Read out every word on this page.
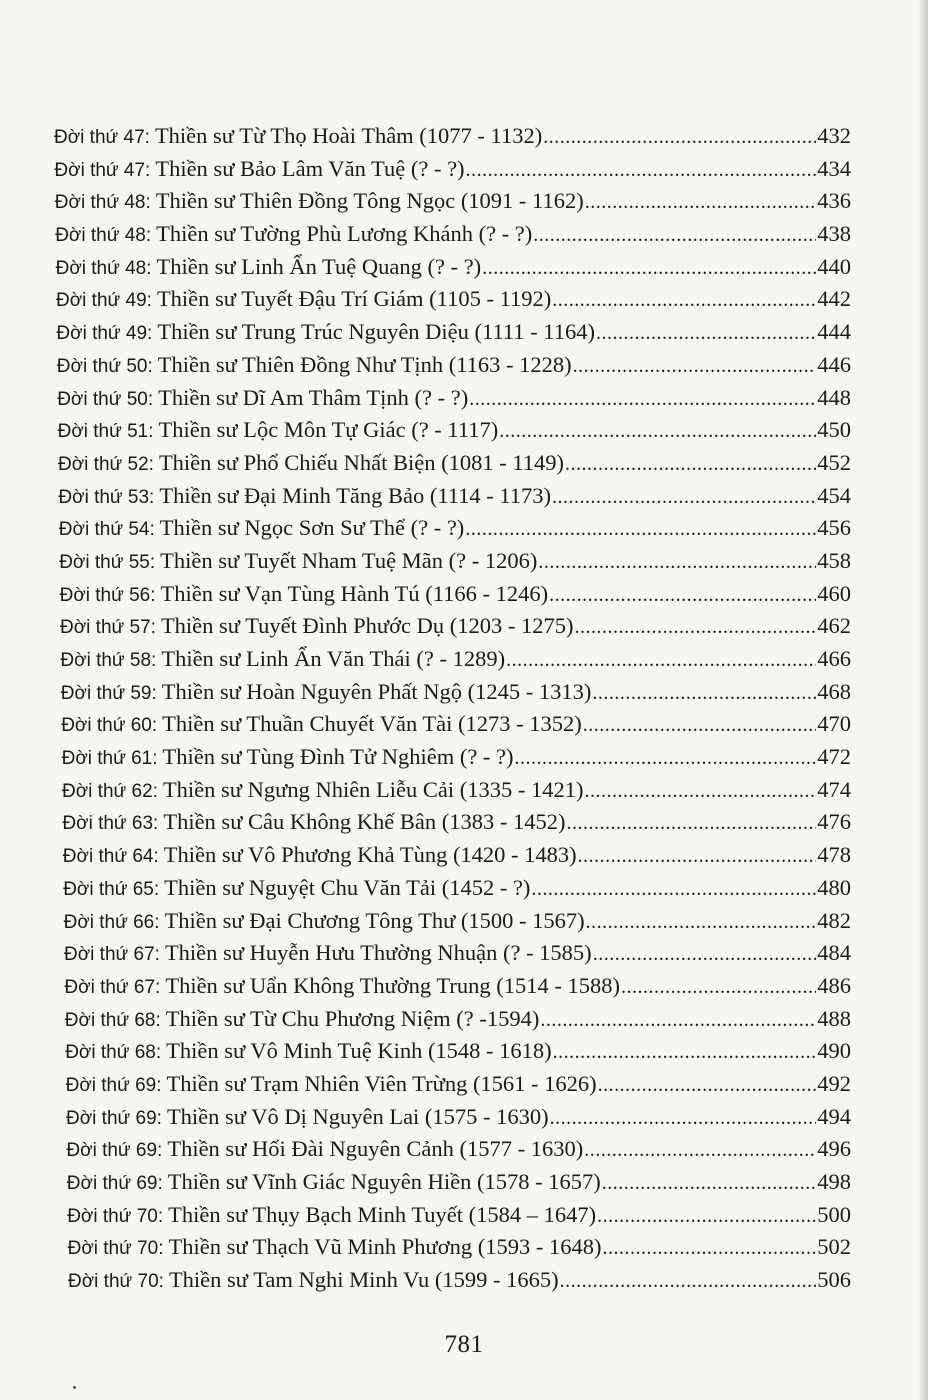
Đời thứ 47: Thiền sư Từ Thọ Hoài Thâm (1077 - 1132) .....	432
Đời thứ 47: Thiền sư Bảo Lâm Văn Tuệ (? - ?) .....	434
Đời thứ 48: Thiền sư Thiên Đồng Tông Ngọc (1091 - 1162) .....	436
Đời thứ 48: Thiền sư Tường Phù Lương Khánh (? - ?) .....	438
Đời thứ 48: Thiền sư Linh Ẩn Tuệ Quang (? - ?) .....	440
Đời thứ 49: Thiền sư Tuyết Đậu Trí Giám (1105 - 1192) .....	442
Đời thứ 49: Thiền sư Trung Trúc Nguyên Diệu (1111 - 1164) .....	444
Đời thứ 50: Thiền sư Thiên Đồng Như Tịnh (1163 - 1228) .....	446
Đời thứ 50: Thiền sư Dĩ Am Thâm Tịnh (? - ?) .....	448
Đời thứ 51: Thiền sư Lộc Môn Tự Giác (? - 1117) .....	450
Đời thứ 52: Thiền sư Phổ Chiếu Nhất Biện (1081 - 1149) .....	452
Đời thứ 53: Thiền sư Đại Minh Tăng Bảo (1114 - 1173) .....	454
Đời thứ 54: Thiền sư Ngọc Sơn Sư Thể (? - ?) .....	456
Đời thứ 55: Thiền sư Tuyết Nham Tuệ Mãn (? - 1206) .....	458
Đời thứ 56: Thiền sư Vạn Tùng Hành Tú (1166 - 1246) .....	460
Đời thứ 57: Thiền sư Tuyết Đình Phước Dụ (1203 - 1275) .....	462
Đời thứ 58: Thiền sư Linh Ẩn Văn Thái (? - 1289) .....	466
Đời thứ 59: Thiền sư Hoàn Nguyên Phất Ngộ (1245 - 1313) .....	468
Đời thứ 60: Thiền sư Thuần Chuyết Văn Tài (1273 - 1352) .....	470
Đời thứ 61: Thiền sư Tùng Đình Tử Nghiêm (? - ?) .....	472
Đời thứ 62: Thiền sư Ngưng Nhiên Liễu Cải (1335 - 1421) .....	474
Đời thứ 63: Thiền sư Câu Không Khế Bân (1383 - 1452) .....	476
Đời thứ 64: Thiền sư Vô Phương Khả Tùng (1420 - 1483) .....	478
Đời thứ 65: Thiền sư Nguyệt Chu Văn Tải (1452 - ?) .....	480
Đời thứ 66: Thiền sư Đại Chương Tông Thư (1500 - 1567) .....	482
Đời thứ 67: Thiền sư Huyễn Hưu Thường Nhuận (? - 1585) .....	484
Đời thứ 67: Thiền sư Uẩn Không Thường Trung (1514 - 1588) .....	486
Đời thứ 68: Thiền sư Từ Chu Phương Niệm (? -1594) .....	488
Đời thứ 68: Thiền sư Vô Minh Tuệ Kinh (1548 - 1618) .....	490
Đời thứ 69: Thiền sư Trạm Nhiên Viên Trừng (1561 - 1626) .....	492
Đời thứ 69: Thiền sư Vô Dị Nguyên Lai (1575 - 1630) .....	494
Đời thứ 69: Thiền sư Hối Đài Nguyên Cảnh (1577 - 1630) .....	496
Đời thứ 69: Thiền sư Vĩnh Giác Nguyên Hiền (1578 - 1657) .....	498
Đời thứ 70: Thiền sư Thụy Bạch Minh Tuyết (1584 – 1647) .....	500
Đời thứ 70: Thiền sư Thạch Vũ Minh Phương (1593 - 1648) .....	502
Đời thứ 70: Thiền sư Tam Nghi Minh Vu (1599 - 1665) .....	506
781
